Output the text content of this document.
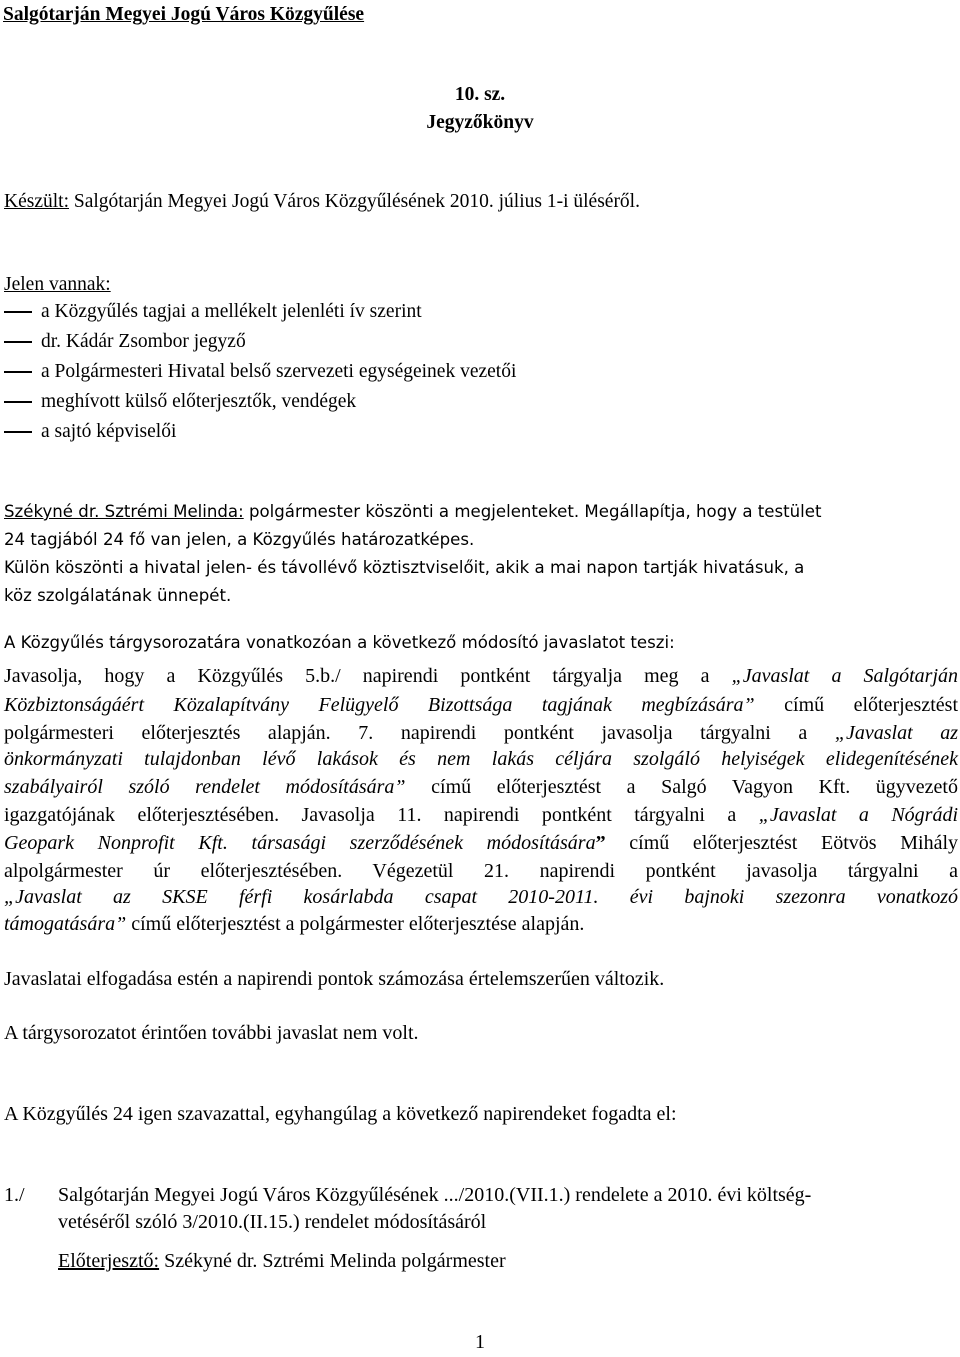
Salgótarján Megyei Jogú Város Közgyűlése
10. sz.
Jegyzőkönyv
Készült: Salgótarján Megyei Jogú Város Közgyűlésének 2010. július 1-i üléséről.
Jelen vannak:
a Közgyűlés tagjai a mellékelt jelenléti ív szerint
dr. Kádár Zsombor jegyző
a Polgármesteri Hivatal belső szervezeti egységeinek vezetői
meghívott külső előterjesztők, vendégek
a sajtó képviselői
Székyné dr. Sztrémi Melinda: polgármester köszönti a megjelenteket. Megállapítja, hogy a testület
24 tagjából 24 fő van jelen, a Közgyűlés határozatképes.
Külön köszönti a hivatal jelen- és távollévő köztisztviselőit, akik a mai napon tartják hivatásuk, a
köz szolgálatának ünnepét.
A Közgyűlés tárgysorozatára vonatkozóan a következő módosító javaslatot teszi:
Javasolja, hogy a Közgyűlés 5.b./ napirendi pontként tárgyalja meg a „Javaslat a Salgótarján
Közbiztonságáért Közalapítvány Felügyelő Bizottsága tagjának megbízására” című előterjesztést
polgármesteri előterjesztés alapján. 7. napirendi pontként javasolja tárgyalni a „Javaslat az
önkormányzati tulajdonban lévő lakások és nem lakás céljára szolgáló helyiségek elidegenítésének
szabályairól szóló rendelet módosítására” című előterjesztést a Salgó Vagyon Kft. ügyvezető
igazgatójának előterjesztésében. Javasolja 11. napirendi pontként tárgyalni a „Javaslat a Nógrádi
Geopark Nonprofit Kft. társasági szerződésének módosítására” című előterjesztést Eötvös Mihály
alpolgármester úr előterjesztésében. Végezetül 21. napirendi pontként javasolja tárgyalni a
„Javaslat az SKSE férfi kosárlabda csapat 2010-2011. évi bajnoki szezonra vonatkozó
támogatására” című előterjesztést a polgármester előterjesztése alapján.
Javaslatai elfogadása estén a napirendi pontok számozása értelemszerűen változik.
A tárgysorozatot érintően további javaslat nem volt.
A Közgyűlés 24 igen szavazattal, egyhangúlag a következő napirendeket fogadta el:
1./ Salgótarján Megyei Jogú Város Közgyűlésének .../2010.(VII.1.) rendelete a 2010. évi költség-
vetéséről szóló 3/2010.(II.15.) rendelet módosításáról
Előterjesztő: Székyné dr. Sztrémi Melinda polgármester
1
